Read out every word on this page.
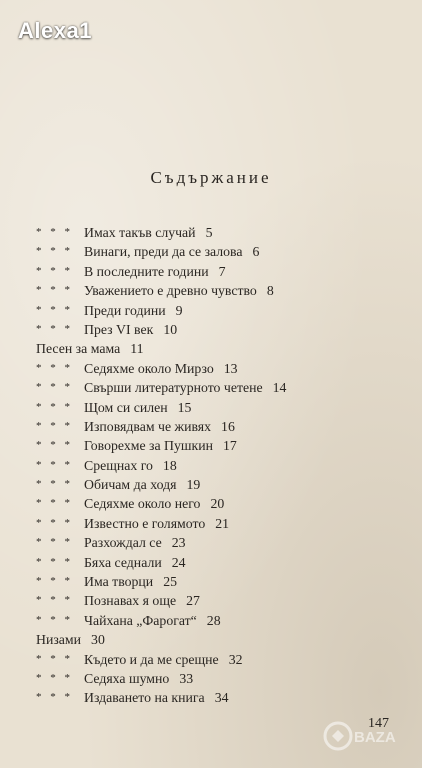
Alexa1
Съдържание
* * * Имах такъв случай 5
* * * Винаги, преди да се залова 6
* * * В последните години 7
* * * Уважението е древно чувство 8
* * * Преди години 9
* * * През VI век 10
Песен за мама 11
* * * Седяхме около Мирзо 13
* * * Свърши литературното четене 14
* * * Щом си силен 15
* * * Изповядвам че живях 16
* * * Говорехме за Пушкин 17
* * * Срещнах го 18
* * * Обичам да ходя 19
* * * Седяхме около него 20
* * * Известно е голямото 21
* * * Разхождал се 23
* * * Бяха седнали 24
* * * Има творци 25
* * * Познавах я още 27
* * * Чайхана „Фарогат“ 28
Низами 30
* * * Където и да ме срещне 32
* * * Седяха шумно 33
* * * Издаването на книга 34
147
BAZA
